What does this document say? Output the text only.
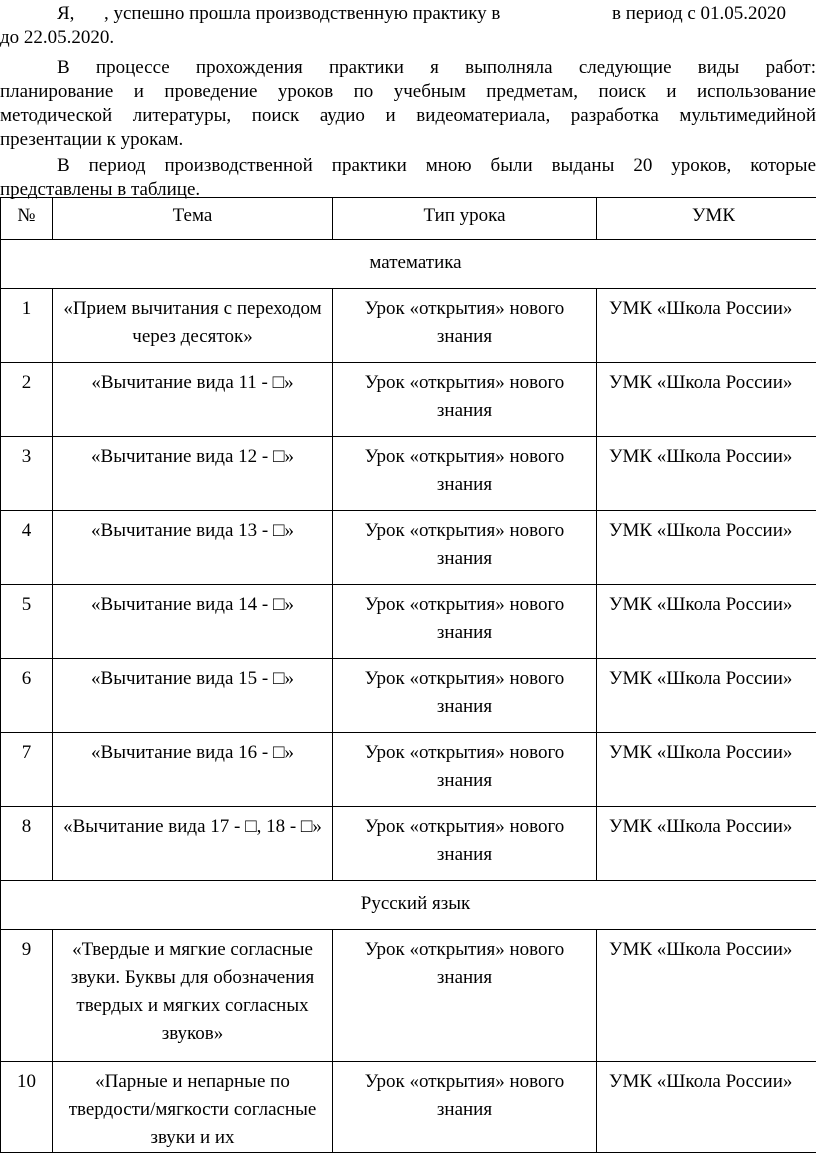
Я, , успешно прошла производственную практику в	в период с 01.05.2020
до 22.05.2020.
В процессе прохождения практики я выполняла следующие виды работ:
планирование и проведение уроков по учебным предметам, поиск и использование
методической литературы, поиск аудио и видеоматериала, разработка мультимедийной
презентации к урокам.
В период производственной практики мною были выданы 20 уроков, которые
представлены в таблице.
№	Тема	Тип урока	УМК
математика			
1	«Прием вычитания с переходом через десяток»	Урок «открытия» нового знания	УМК «Школа России»
2	«Вычитание вида 11 - □»	Урок «открытия» нового знания	УМК «Школа России»
3	«Вычитание вида 12 - □»	Урок «открытия» нового знания	УМК «Школа России»
4	«Вычитание вида 13 - □»	Урок «открытия» нового знания	УМК «Школа России»
5	«Вычитание вида 14 - □»	Урок «открытия» нового знания	УМК «Школа России»
6	«Вычитание вида 15 - □»	Урок «открытия» нового знания	УМК «Школа России»
7	«Вычитание вида 16 - □»	Урок «открытия» нового знания	УМК «Школа России»
8	«Вычитание вида 17 - □, 18 - □»	Урок «открытия» нового знания	УМК «Школа России»
Русский язык			
9	«Твердые и мягкие согласные звуки. Буквы для обозначения твердых и мягких согласных звуков»	Урок «открытия» нового знания	УМК «Школа России»
10	«Парные и непарные по твердости/мягкости согласные звуки и их	Урок «открытия» нового знания	УМК «Школа России»
